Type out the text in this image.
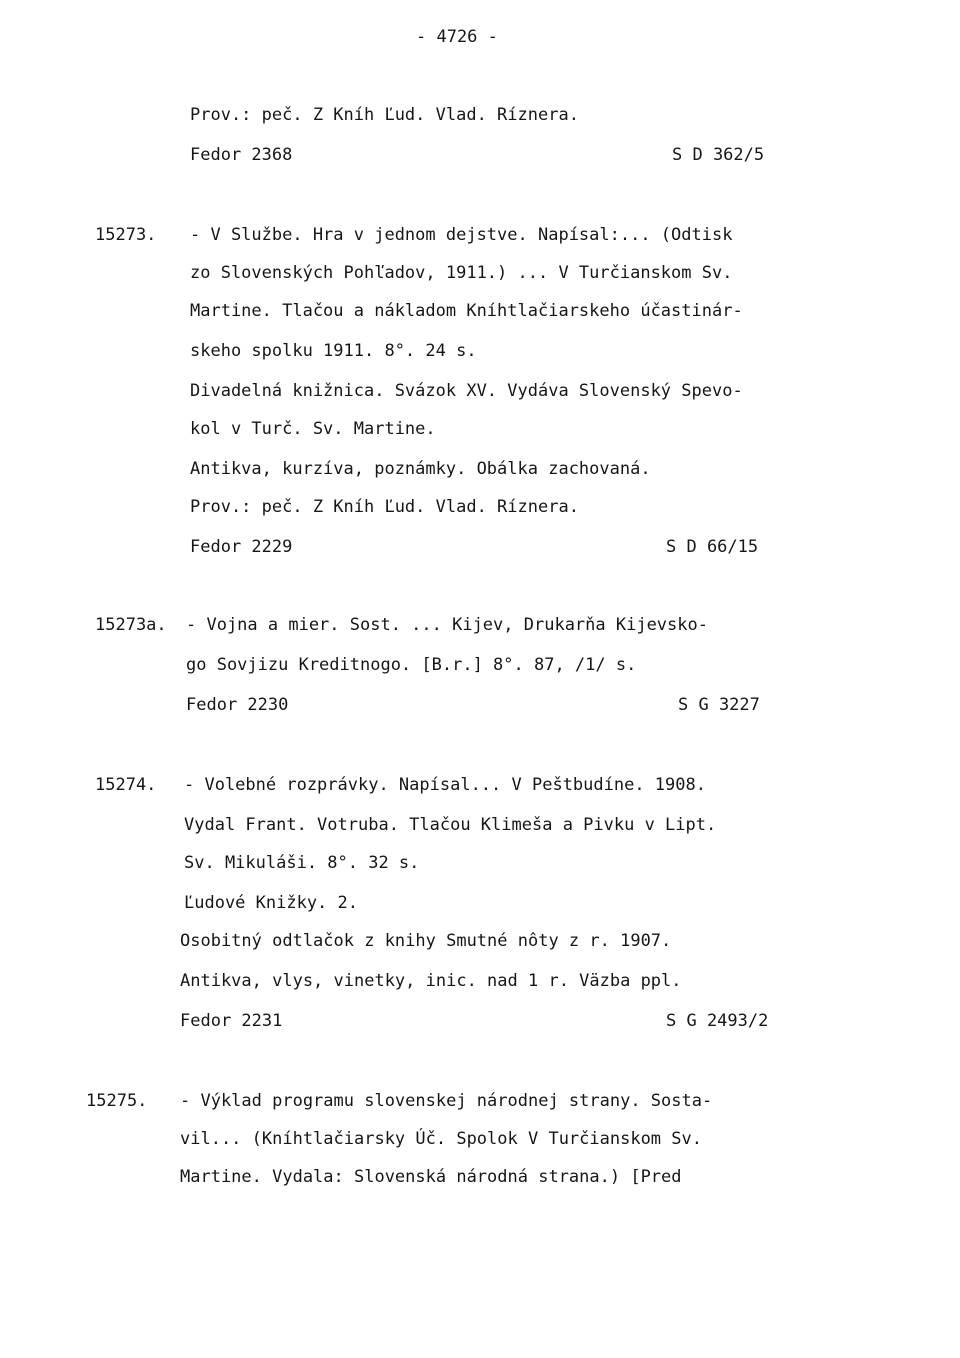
- 4726 -
Prov.: peč. Z Kníh Ľud. Vlad. Ríznera.
Fedor 2368	S D 362/5
15273. - V Službe. Hra v jednom dejstve. Napísal:... (Odtisk
zo Slovenských Pohľadov, 1911.) ... V Turčianskom Sv.
Martine. Tlačou a nákladom Kníhtlačiarskeho účastinár-
skeho spolku 1911. 8°. 24 s.
Divadelná knižnica. Svázok XV. Vydáva Slovenský Spevo-
kol v Turč. Sv. Martine.
Antikva, kurzíva, poznámky. Obálka zachovaná.
Prov.: peč. Z Kníh Ľud. Vlad. Ríznera.
Fedor 2229	S D 66/15
15273a. - Vojna a mier. Sost. ... Kijev, Drukarňa Kijevsko-
go Sovjizu Kreditnogo. [B.r.] 8°. 87, /1/ s.
Fedor 2230	S G 3227
15274. - Volebné rozprávky. Napísal... V Peštbudíne. 1908.
Vydal Frant. Votruba. Tlačou Klimeša a Pivku v Lipt.
Sv. Mikuláši. 8°. 32 s.
Ľudové Knižky. 2.
Osobitný odtlačok z knihy Smutné nôty z r. 1907.
Antikva, vlys, vinetky, inic. nad 1 r. Väzba ppl.
Fedor 2231	S G 2493/2
15275. - Výklad programu slovenskej národnej strany. Sosta-
vil... (Kníhtlačiarsky Úč. Spolok V Turčianskom Sv.
Martine. Vydala: Slovenská národná strana.) [Pred
